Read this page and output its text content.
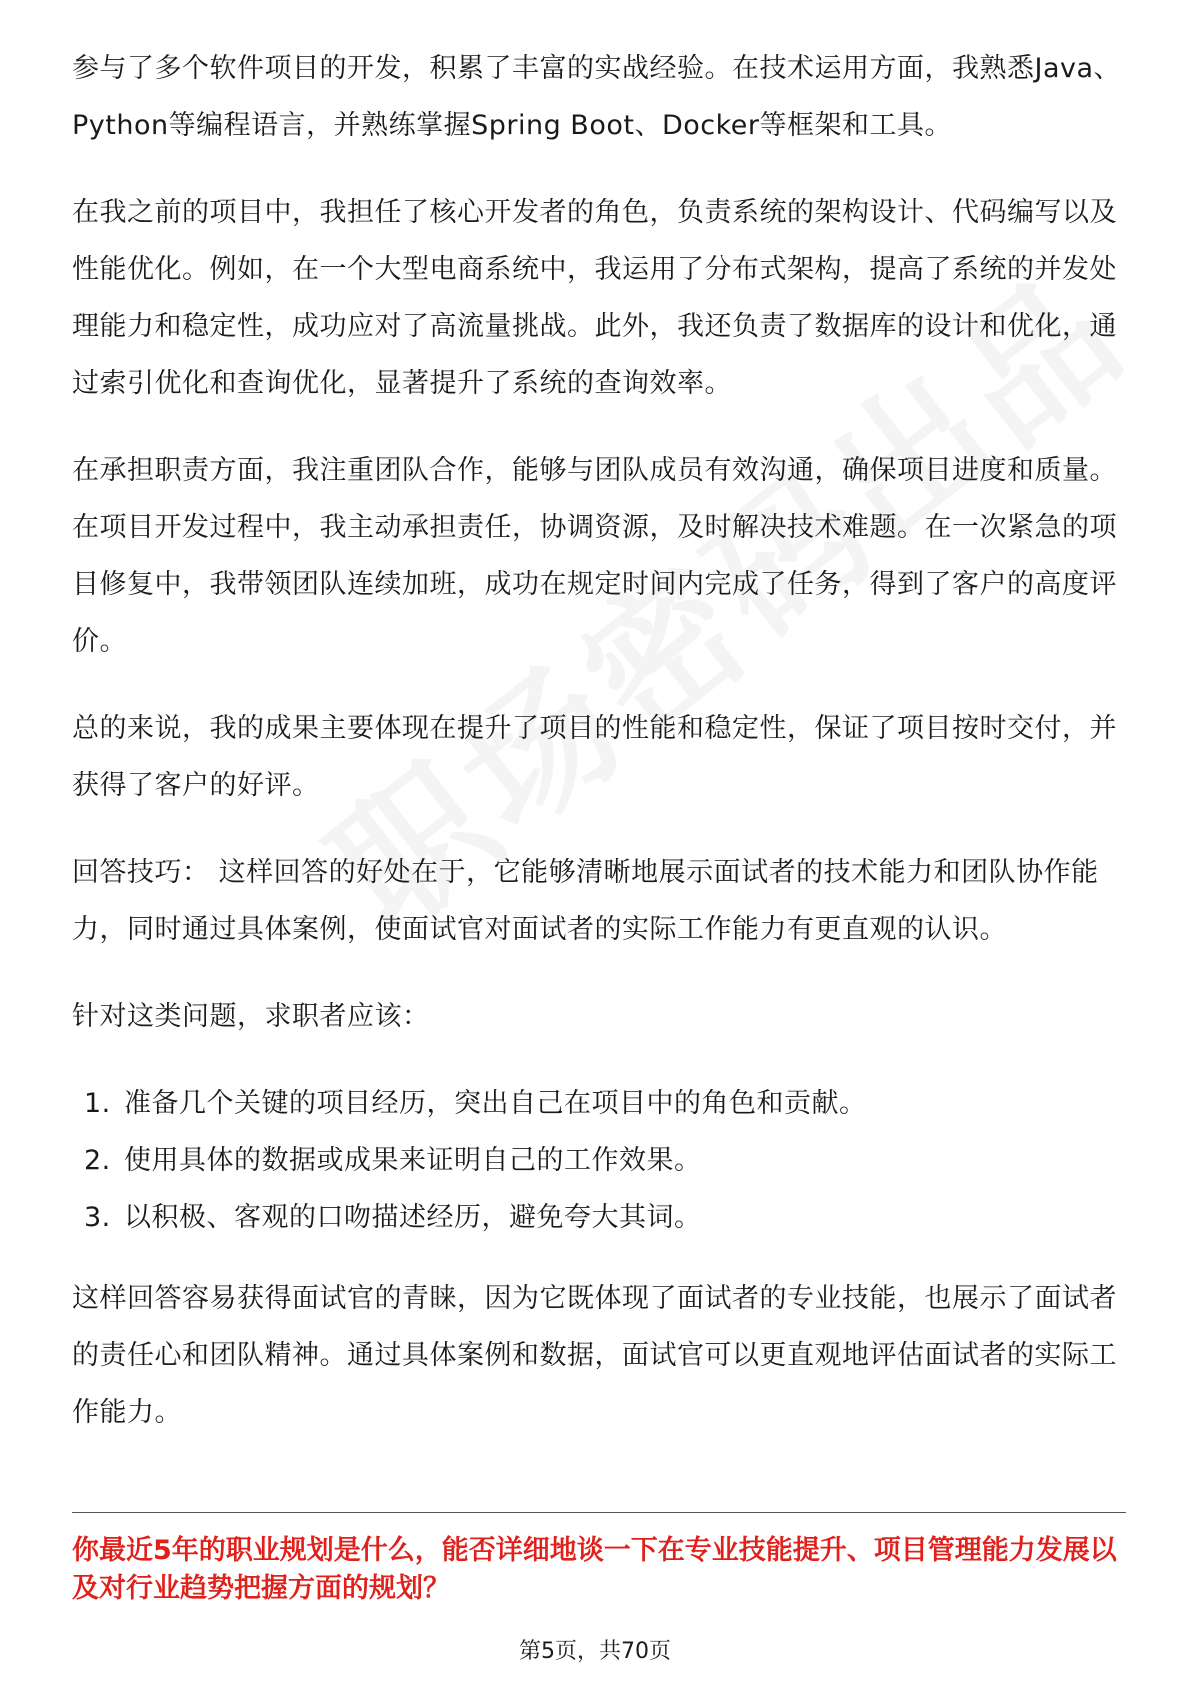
参与了多个软件项目的开发，积累了丰富的实战经验。在技术运用方面，我熟悉Java、Python等编程语言，并熟练掌握Spring Boot、Docker等框架和工具。

在我之前的项目中，我担任了核心开发者的角色，负责系统的架构设计、代码编写以及性能优化。例如，在一个大型电商系统中，我运用了分布式架构，提高了系统的并发处理能力和稳定性，成功应对了高流量挑战。此外，我还负责了数据库的设计和优化，通过索引优化和查询优化，显著提升了系统的查询效率。

在承担职责方面，我注重团队合作，能够与团队成员有效沟通，确保项目进度和质量。在项目开发过程中，我主动承担责任，协调资源，及时解决技术难题。在一次紧急的项目修复中，我带领团队连续加班，成功在规定时间内完成了任务，得到了客户的高度评价。

总的来说，我的成果主要体现在提升了项目的性能和稳定性，保证了项目按时交付，并获得了客户的好评。

回答技巧： 这样回答的好处在于，它能够清晰地展示面试者的技术能力和团队协作能力，同时通过具体案例，使面试官对面试者的实际工作能力有更直观的认识。

针对这类问题，求职者应该：

1. 准备几个关键的项目经历，突出自己在项目中的角色和贡献。
2. 使用具体的数据或成果来证明自己的工作效果。
3. 以积极、客观的口吻描述经历，避免夸大其词。

这样回答容易获得面试官的青睐，因为它既体现了面试者的专业技能，也展示了面试者的责任心和团队精神。通过具体案例和数据，面试官可以更直观地评估面试者的实际工作能力。

你最近5年的职业规划是什么，能否详细地谈一下在专业技能提升、项目管理能力发展以及对行业趋势把握方面的规划？
第5页，共70页
